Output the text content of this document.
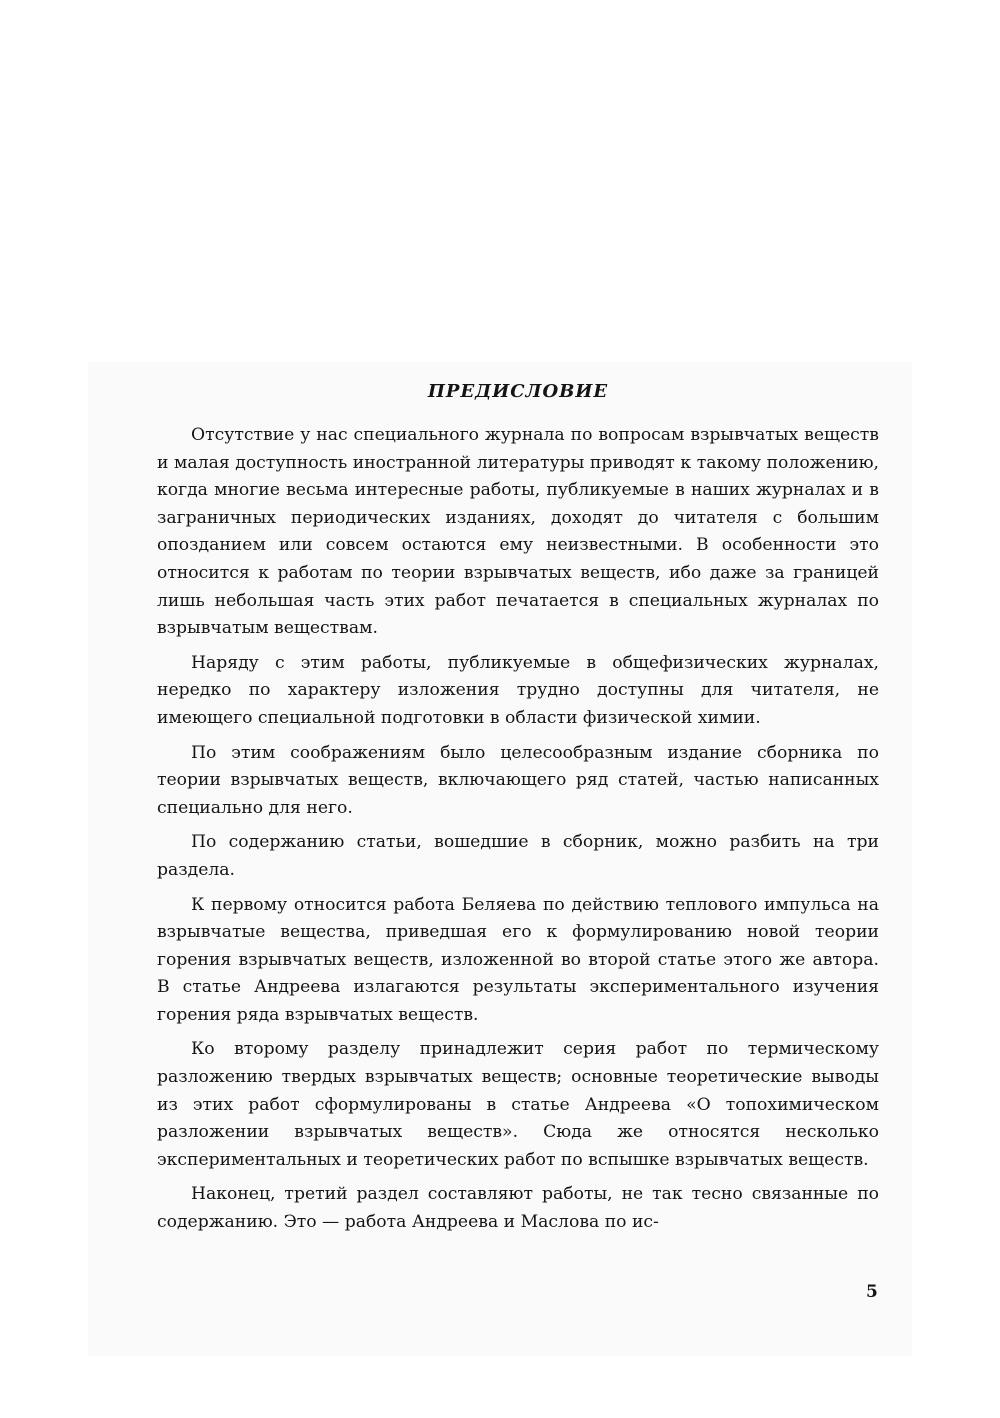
ПРЕДИСЛОВИЕ

Отсутствие у нас специального журнала по вопросам взрывчатых веществ и малая доступность иностранной литературы приводят к такому положению, когда многие весьма интересные работы, публикуемые в наших журналах и в заграничных периодических изданиях, доходят до читателя с большим опозданием или совсем остаются ему неизвестными. В особенности это относится к работам по теории взрывчатых веществ, ибо даже за границей лишь небольшая часть этих работ печатается в специальных журналах по взрывчатым веществам.

Наряду с этим работы, публикуемые в общефизических журналах, нередко по характеру изложения трудно доступны для читателя, не имеющего специальной подготовки в области физической химии.

По этим соображениям было целесообразным издание сборника по теории взрывчатых веществ, включающего ряд статей, частью написанных специально для него.

По содержанию статьи, вошедшие в сборник, можно разбить на три раздела.

К первому относится работа Беляева по действию теплового импульса на взрывчатые вещества, приведшая его к формулированию новой теории горения взрывчатых веществ, изложенной во второй статье этого же автора. В статье Андреева излагаются результаты экспериментального изучения горения ряда взрывчатых веществ.

Ко второму разделу принадлежит серия работ по термическому разложению твердых взрывчатых веществ; основные теоретические выводы из этих работ сформулированы в статье Андреева «О топохимическом разложении взрывчатых веществ». Сюда же относятся несколько экспериментальных и теоретических работ по вспышке взрывчатых веществ.

Наконец, третий раздел составляют работы, не так тесно связанные по содержанию. Это — работа Андреева и Маслова по ис-

5
